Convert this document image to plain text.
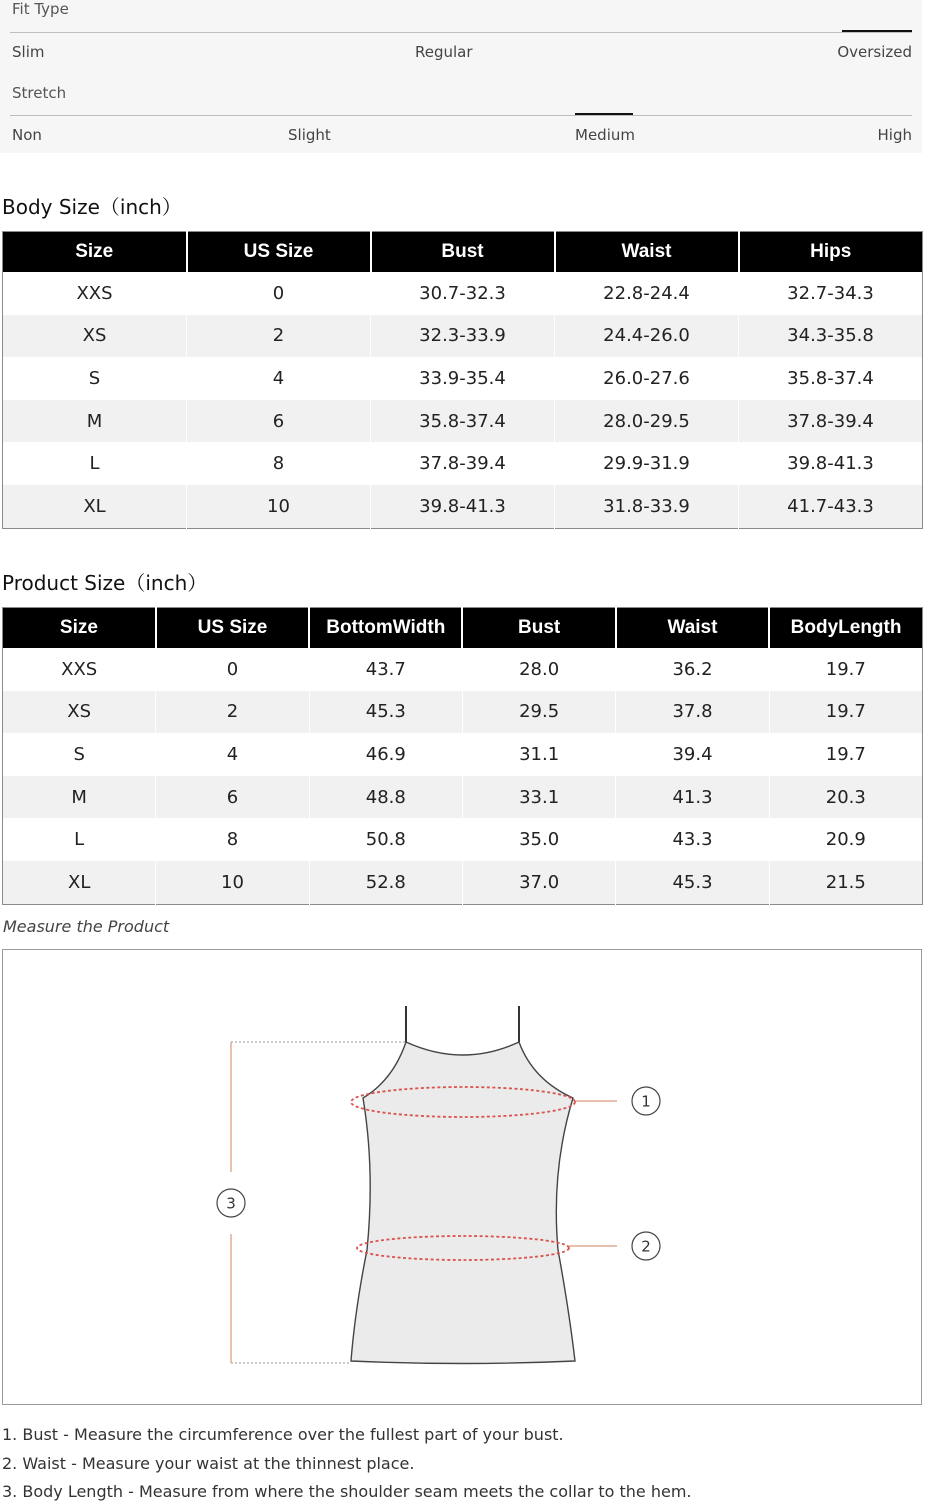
Fit Type
Slim	Regular	Oversized
Stretch
Non	Slight	Medium	High
Body Size（inch）
Size	US Size	Bust	Waist	Hips
XXS	0	30.7-32.3	22.8-24.4	32.7-34.3
XS	2	32.3-33.9	24.4-26.0	34.3-35.8
S	4	33.9-35.4	26.0-27.6	35.8-37.4
M	6	35.8-37.4	28.0-29.5	37.8-39.4
L	8	37.8-39.4	29.9-31.9	39.8-41.3
XL	10	39.8-41.3	31.8-33.9	41.7-43.3
Product Size（inch）
Size	US Size	BottomWidth	Bust	Waist	BodyLength
XXS	0	43.7	28.0	36.2	19.7
XS	2	45.3	29.5	37.8	19.7
S	4	46.9	31.1	39.4	19.7
M	6	48.8	33.1	41.3	20.3
L	8	50.8	35.0	43.3	20.9
XL	10	52.8	37.0	45.3	21.5
Measure the Product
1
2
3
1. Bust - Measure the circumference over the fullest part of your bust.
2. Waist - Measure your waist at the thinnest place.
3. Body Length - Measure from where the shoulder seam meets the collar to the hem.
